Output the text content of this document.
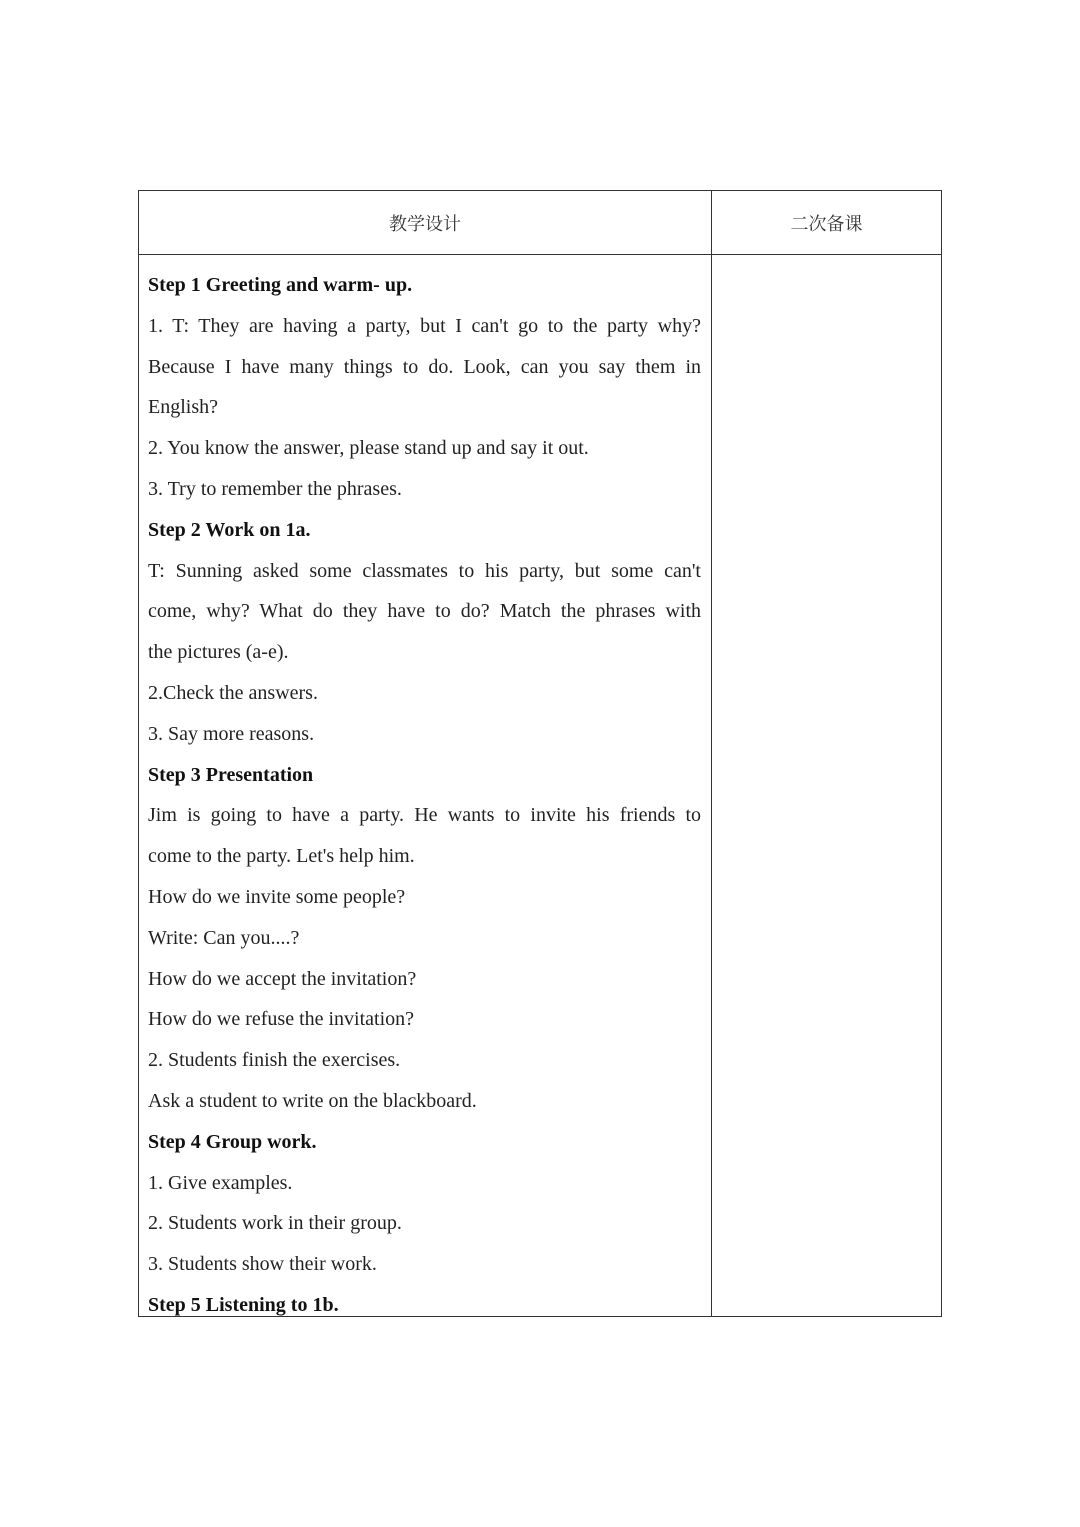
教学设计	二次备课
Step 1 Greeting and warm- up.
1. T: They are having a party, but I can't go to the party why?
Because I have many things to do. Look, can you say them in
English?
2. You know the answer, please stand up and say it out.
3. Try to remember the phrases.
Step 2 Work on 1a.
T: Sunning asked some classmates to his party, but some can't
come, why? What do they have to do? Match the phrases with
the pictures (a-e).
2.Check the answers.
3. Say more reasons.
Step 3 Presentation
Jim is going to have a party. He wants to invite his friends to
come to the party. Let's help him.
How do we invite some people?
Write: Can you....?
How do we accept the invitation?
How do we refuse the invitation?
2. Students finish the exercises.
Ask a student to write on the blackboard.
Step 4 Group work.
1. Give examples.
2. Students work in their group.
3. Students show their work.
Step 5 Listening to 1b.
